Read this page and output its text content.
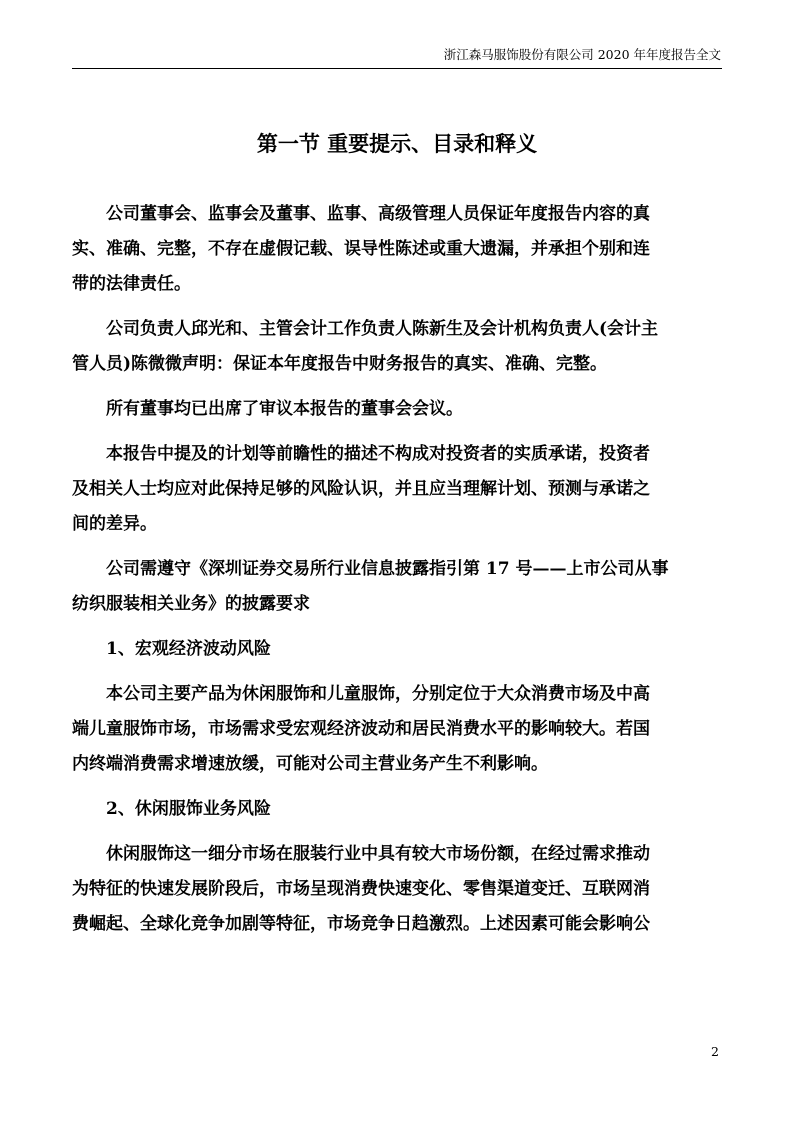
浙江森马服饰股份有限公司 2020 年年度报告全文
第一节 重要提示、目录和释义

公司董事会、监事会及董事、监事、高级管理人员保证年度报告内容的真
实、准确、完整，不存在虚假记载、误导性陈述或重大遗漏，并承担个别和连
带的法律责任。

公司负责人邱光和、主管会计工作负责人陈新生及会计机构负责人(会计主
管人员)陈微微声明：保证本年度报告中财务报告的真实、准确、完整。

所有董事均已出席了审议本报告的董事会会议。

本报告中提及的计划等前瞻性的描述不构成对投资者的实质承诺，投资者
及相关人士均应对此保持足够的风险认识，并且应当理解计划、预测与承诺之
间的差异。

公司需遵守《深圳证券交易所行业信息披露指引第 17 号——上市公司从事
纺织服装相关业务》的披露要求

1、宏观经济波动风险

本公司主要产品为休闲服饰和儿童服饰，分别定位于大众消费市场及中高
端儿童服饰市场，市场需求受宏观经济波动和居民消费水平的影响较大。若国
内终端消费需求增速放缓，可能对公司主营业务产生不利影响。

2、休闲服饰业务风险

休闲服饰这一细分市场在服装行业中具有较大市场份额，在经过需求推动
为特征的快速发展阶段后，市场呈现消费快速变化、零售渠道变迁、互联网消
费崛起、全球化竞争加剧等特征，市场竞争日趋激烈。上述因素可能会影响公

2
